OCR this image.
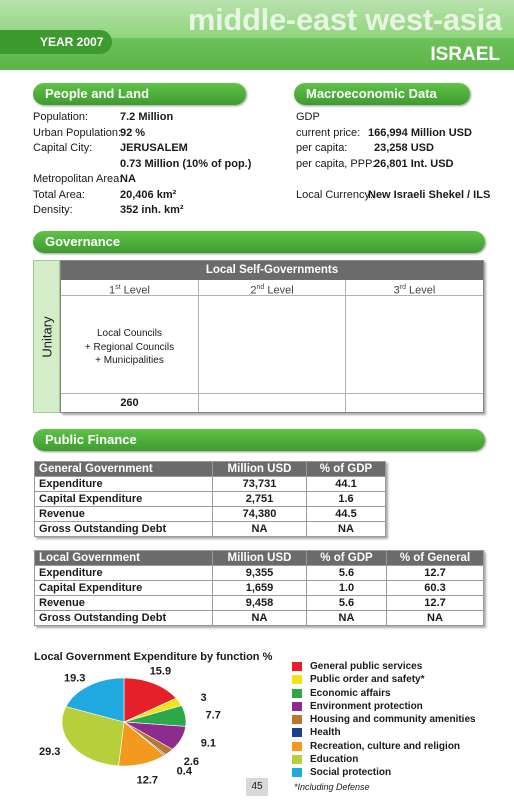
middle-east west-asia
YEAR 2007
ISRAEL
People and Land
Population:	7.2 Million
Urban Population:
92 %
Capital City:	JERUSALEM
0.73 Million (10% of pop.)
Metropolitan Area:
NA
Total Area:	20,406 km²
Density:	352 inh. km²
Macroeconomic Data
GDP
current price: 166,994 Million USD
per capita: 23,258 USD
per capita, PPP:
26,801 Int. USD
Local Currency:
New Israeli Shekel / ILS
Governance
Unitary
Local Self-Governments
1st Level	2nd Level	3rd Level
Local Councils
+ Regional Councils
+ Municipalities
260
Public Finance
General Government	Million USD	% of GDP
Expenditure	73,731	44.1
Capital Expenditure	2,751	1.6
Revenue	74,380	44.5
Gross Outstanding Debt	NA	NA
Local Government	Million USD	% of GDP	% of General
Expenditure	9,355	5.6	12.7
Capital Expenditure	1,659	1.0	60.3
Revenue	9,458	5.6	12.7
Gross Outstanding Debt	NA	NA	NA
Local Government Expenditure by function %
15.9
3
7.7
9.1
2.6
0.4
12.7
29.3
19.3
General public services
Public order and safety*
Economic affairs
Environment protection
Housing and community amenities
Health
Recreation, culture and religion
Education
Social protection
*Including Defense
45
